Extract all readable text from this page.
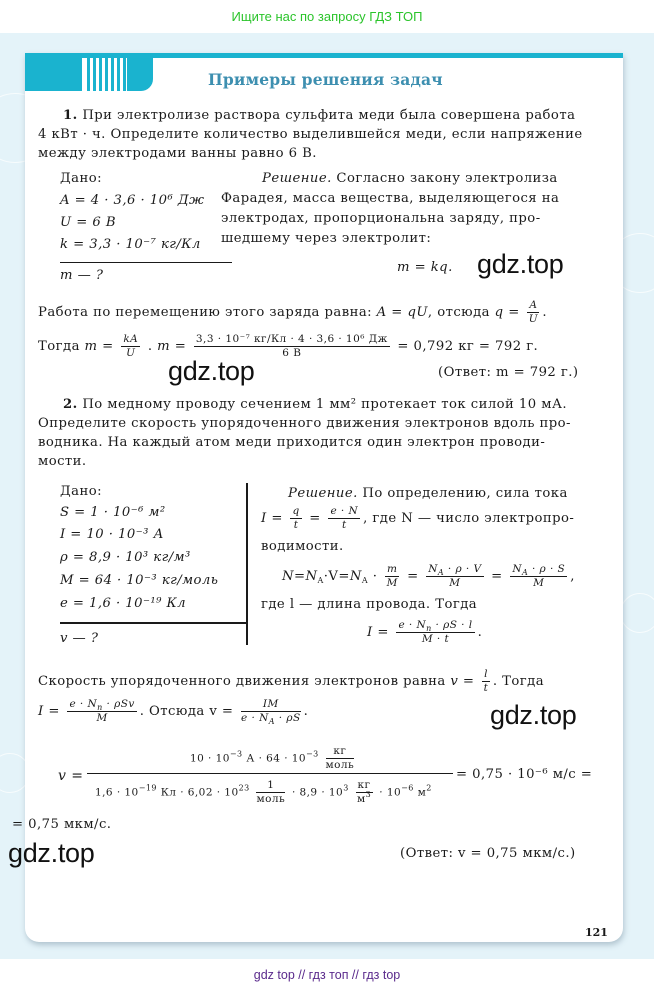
Ищите нас по запросу ГДЗ ТОП
Примеры решения задач
1. При электролизе раствора сульфита меди была совершена работа
4 кВт · ч. Определите количество выделившейся меди, если напряжение
между электродами ванны равно 6 В.
Дано:
A = 4 · 3,6 · 10⁶ Дж
U = 6 В
k = 3,3 · 10⁻⁷ кг/Кл
m — ?
Решение. Согласно закону электролиза
Фарадея, масса вещества, выделяющегося на
электродах, пропорциональна заряду, про-
шедшему через электролит:
m = kq. gdz.top
Работа по перемещению этого заряда равна: A = qU, отсюда $q = \frac{A}{U}$ .
Тогда $m = \frac{kA}{U}$ . $m = \frac{\text{3,3 · 10⁻⁷ кг/Кл · 4 · 3,6 · 10⁶ Дж}}{6 В} = 0,792$ кг = 792 г.
gdz.top	(Ответ: m = 792 г.)
2. По медному проводу сечением 1 мм² протекает ток силой 10 мА.
Определите скорость упорядоченного движения электронов вдоль про-
водника. На каждый атом меди приходится один электрон проводи-
мости.
Дано:
S = 1 · 10⁻⁶ м²
I = 10 · 10⁻³ А
ρ = 8,9 · 10³ кг/м³
M = 64 · 10⁻³ кг/моль
e = 1,6 · 10⁻¹⁹ Кл
v — ?
Решение. По определению, сила тока
$I = \frac{q}{t} = \frac{e \cdot N}{t}$ , где N — число электропро-
водимости.
$N=N_A\cdot V=N_A \cdot \frac{m}{M} = \frac{N_A \cdot \rho \cdot V}{M} = \frac{N_A \cdot \rho \cdot S}{M}$ ,
где l — длина провода. Тогда
$I = \frac{e \cdot N_n \cdot \rho S \cdot l}{M \cdot t}$ .
Скорость упорядоченного движения электронов равна $v = \frac{l}{t}$ . Тогда
$I = \frac{e \cdot N_n \cdot \rho Sv}{M}$ . Отсюда $v = \frac{IM}{e \cdot N_A \cdot \rho S}$ .	gdz.top
v =
$10 \cdot 10^{-3}$ $А \cdot 64 \cdot 10^{-3} \frac{кг}{\text{моль}}$
$1,6 \cdot 10^{-19}$ Кл · $6,02 \cdot 10^{23} \frac{1}{\text{моль}} \cdot 8,9 \cdot 10^3 \frac{кг}{м^3} \cdot 10^{-6}$ $м^2$
= 0,75 · 10⁻⁶ м/с =
= 0,75 мкм/с.
gdz.top	(Ответ: v = 0,75 мкм/с.)
121
gdz top // гдз топ // гдз top
